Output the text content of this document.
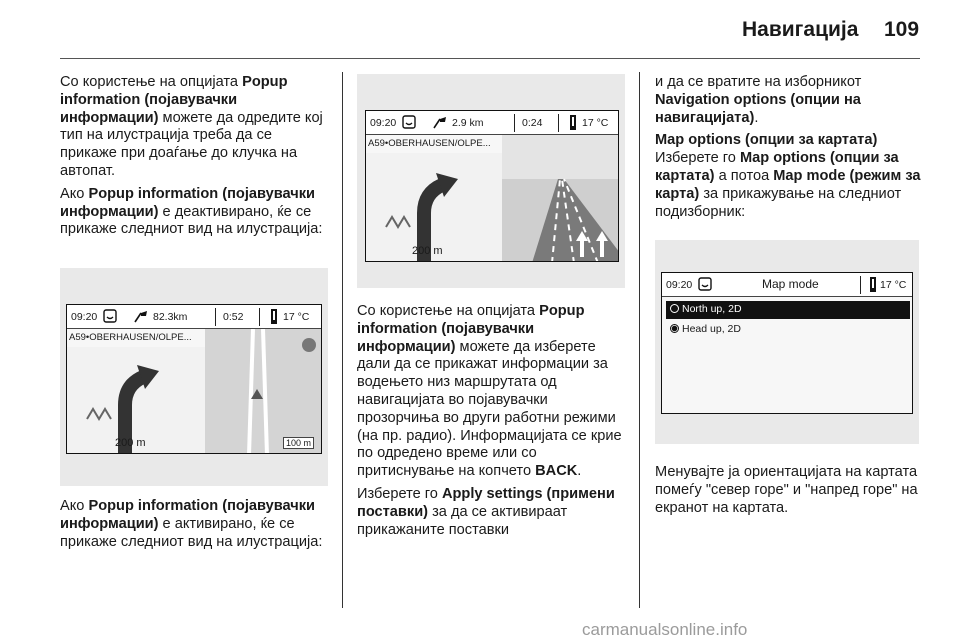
Навигација 109

Со користење на опцијата Popup information (појавувачки информации) можете да одредите кој тип на илустрација треба да се прикаже при доаѓање до клучка на автопат.

Ако Popup information (појавувачки информации) е деактивирано, ќе се прикаже следниот вид на илустрација:

09:20	82.3km	0:52	17 °C
A59•OBERHAUSEN/OLPE...
200 m	100 m

Ако Popup information (појавувачки информации) е активирано, ќе се прикаже следниот вид на илустрација:

09:20	2.9 km	0:24	17 °C
A59•OBERHAUSEN/OLPE...
200 m

Со користење на опцијата Popup information (појавувачки информации) можете да изберете дали да се прикажат информации за водењето низ маршрутата од навигацијата во појавувачки прозорчиња во други работни режими (на пр. радио). Информацијата се крие по одредено време или со притиснување на копчето BACK.

Изберете го Apply settings (примени поставки) за да се активираат прикажаните поставки

и да се вратите на изборникот Navigation options (опции на навигацијата).

Map options (опции за картата)

Изберете го Map options (опции за картата) а потоа Map mode (режим за карта) за прикажување на следниот подизборник:

09:20	Map mode	17 °C
North up, 2D
Head up, 2D

Менувајте ја ориентацијата на картата помеѓу "север горе" и "напред горе" на екранот на картата.

carmanualsonline.info
